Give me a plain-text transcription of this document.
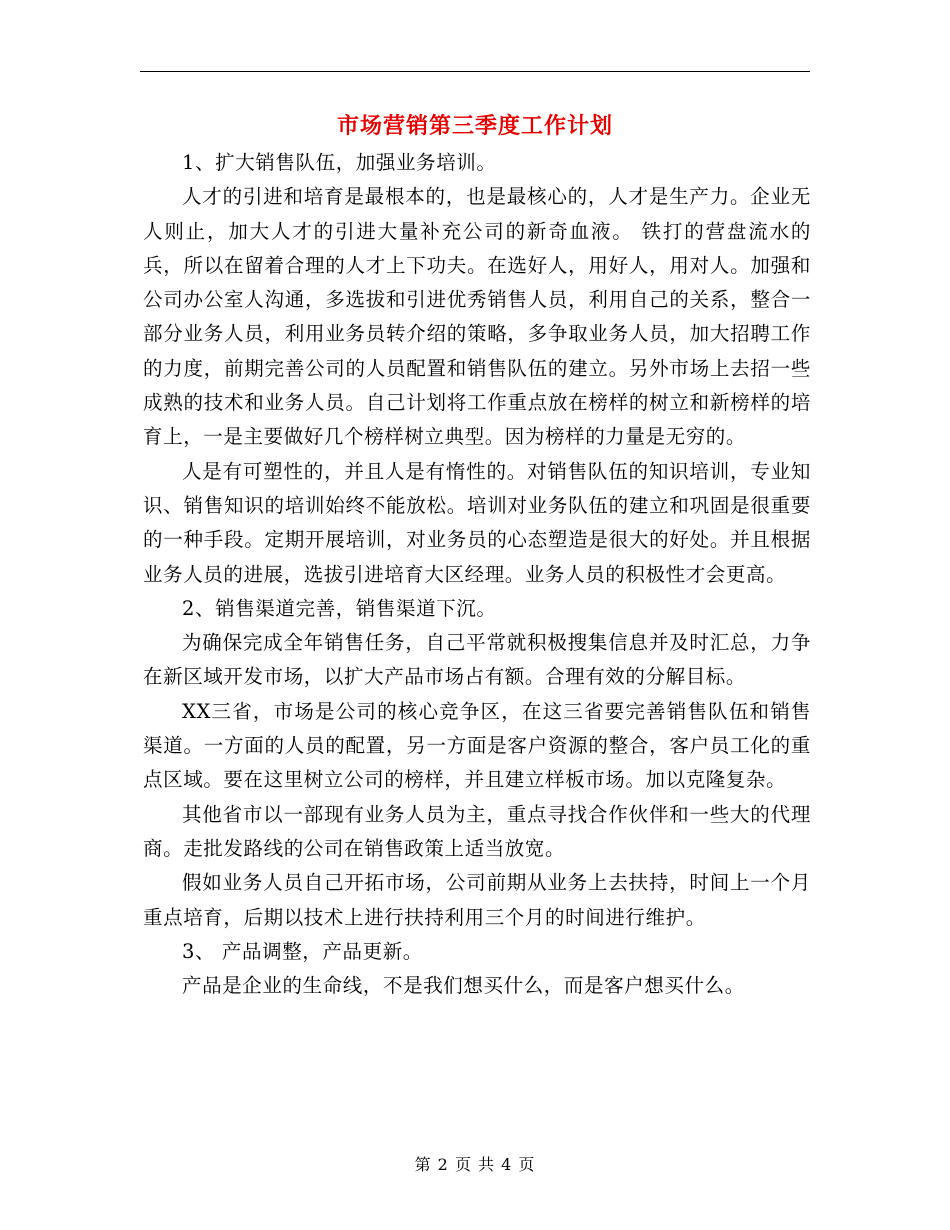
市场营销第三季度工作计划

1、扩大销售队伍，加强业务培训。

人才的引进和培育是最根本的，也是最核心的，人才是生产力。企业无人则止，加大人才的引进大量补充公司的新奇血液。 铁打的营盘流水的兵，所以在留着合理的人才上下功夫。在选好人，用好人，用对人。加强和公司办公室人沟通，多选拔和引进优秀销售人员，利用自己的关系，整合一部分业务人员，利用业务员转介绍的策略，多争取业务人员，加大招聘工作的力度，前期完善公司的人员配置和销售队伍的建立。另外市场上去招一些成熟的技术和业务人员。自己计划将工作重点放在榜样的树立和新榜样的培育上，一是主要做好几个榜样树立典型。因为榜样的力量是无穷的。

人是有可塑性的，并且人是有惰性的。对销售队伍的知识培训，专业知识、销售知识的培训始终不能放松。培训对业务队伍的建立和巩固是很重要的一种手段。定期开展培训，对业务员的心态塑造是很大的好处。并且根据业务人员的进展，选拔引进培育大区经理。业务人员的积极性才会更高。

2、销售渠道完善，销售渠道下沉。

为确保完成全年销售任务，自己平常就积极搜集信息并及时汇总，力争在新区域开发市场，以扩大产品市场占有额。合理有效的分解目标。

XX三省，市场是公司的核心竞争区，在这三省要完善销售队伍和销售渠道。一方面的人员的配置，另一方面是客户资源的整合，客户员工化的重点区域。要在这里树立公司的榜样，并且建立样板市场。加以克隆复杂。

其他省市以一部现有业务人员为主，重点寻找合作伙伴和一些大的代理商。走批发路线的公司在销售政策上适当放宽。

假如业务人员自己开拓市场，公司前期从业务上去扶持，时间上一个月重点培育，后期以技术上进行扶持利用三个月的时间进行维护。

3、 产品调整，产品更新。

产品是企业的生命线，不是我们想买什么，而是客户想买什么。

第 2 页 共 4 页
